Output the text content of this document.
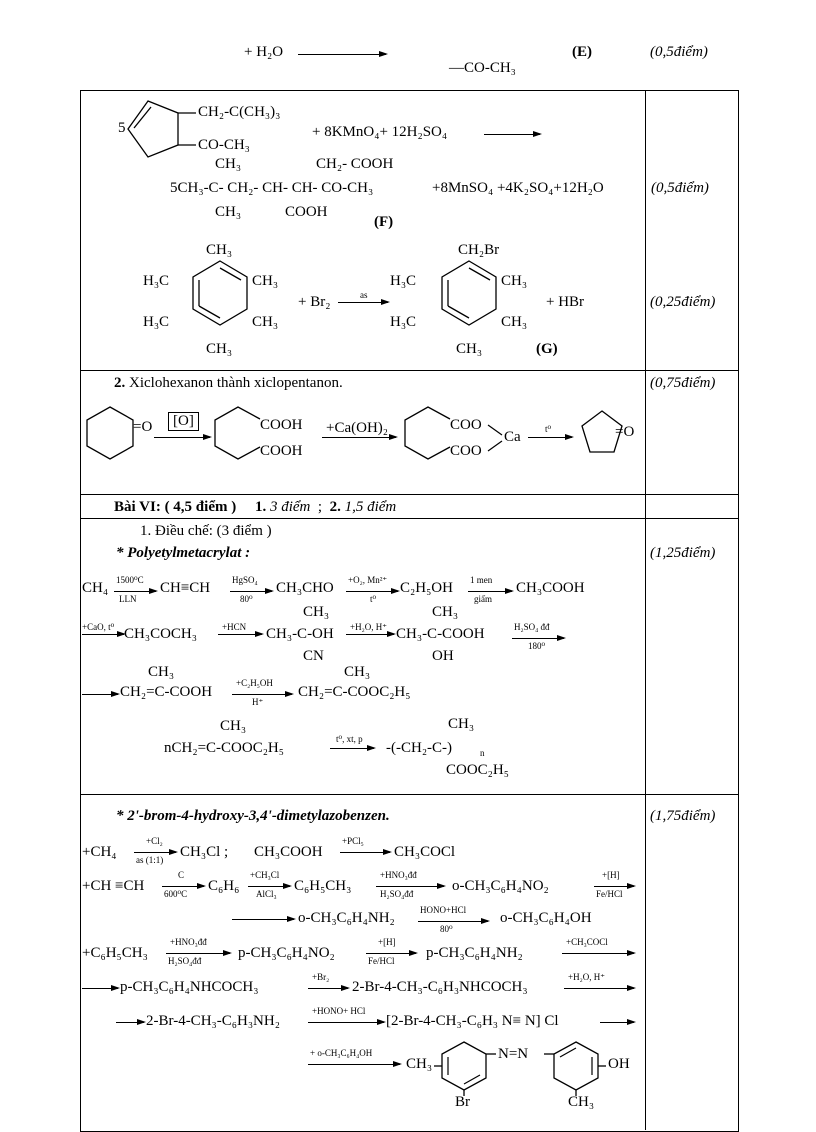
+ H₂O
—CO-CH₃
(E)	(0,5điểm)
5
CH₂-C(CH₃)₃
CO-CH₃
+ 8KMnO₄+ 12H₂SO₄
CH₃	CH₂- COOH
5CH₃-C- CH₂- CH- CH- CO-CH₃	+8MnSO₄ +4K₂SO₄+12H₂O
CH₃	COOH
(F)
(0,5điểm)
CH₃
H₃C	CH₃
H₃C	CH₃
CH₃
+ Br₂	as
CH₂Br
H₃C	CH₃
H₃C	CH₃
CH₃
+ HBr
(G)
(0,25điểm)
2. Xiclohexanon thành xiclopentanon.	(0,75điểm)
=O	[O]	COOH
COOH
+Ca(OH)₂	COO
COO
Ca	t⁰	=O
Bài VI: ( 4,5 điểm ) 1. 3 điểm ; 2. 1,5 điểm
1. Điều chế: (3 điểm )
* Polyetylmetacrylat :	(1,25điểm)
CH₄ 1500⁰C
LLN
→ CH≡CH HgSO₄
80⁰
→ CH₃CHO +O₂, Mn²⁺
t⁰
→ C₂H₅OH 1 men
giấm
→ CH₃COOH
+CaO, t⁰ → CH₃COCH₃	+HCN
CH₃
CH₃-C-OH
CN
+H₂O, H⁺
CH₃
CH₃-C-COOH
OH
H₂SO₄ đđ
180⁰
CH₃
→ CH₂=C-COOH
+C₂H₅OH
H⁺
CH₃
CH₂=C-COOC₂H₅
CH₃
nCH₂=C-COOC₂H₅
t⁰, xt, p
CH₃
-(-CH₂-C-)	n
COOC₂H₅
* 2'-brom-4-hydroxy-3,4'-dimetylazobenzen.	(1,75điểm)
+CH₄
+Cl₂
as (1:1) → CH₃Cl ; CH₃COOH
+PCl₅
→ CH₃COCl
+CH ≡CH
C
600⁰C → C₆H₆
+CH₃Cl
AlCl₃ → C₆H₅CH₃
+HNO₃đđ
H₂SO₄đđ	o-CH₃C₆H₄NO₂
+[H]
Fe/HCl
o-CH₃C₆H₄NH₂	HONO+HCl
80⁰
o-CH₃C₆H₄OH
+C₆H₅CH₃
+HNO₃đđ
H₂SO₄đđ p-CH₃C₆H₄NO₂
+[H]
Fe/HCl → p-CH₃C₆H₄NH₂
+CH₃COCl
→ p-CH₃C₆H₄NHCOCH₃
+Br₂
→ 2-Br-4-CH₃-C₆H₃NHCOCH₃
+H₂O, H⁺
→ 2-Br-4-CH₃-C₆H₃NH₂
+HONO+ HCl
[2-Br-4-CH₃-C₆H₃ N≡ N] Cl
+ o-CH₃C₆H₄OH
CH₃
N=N
OH
Br	CH₃
